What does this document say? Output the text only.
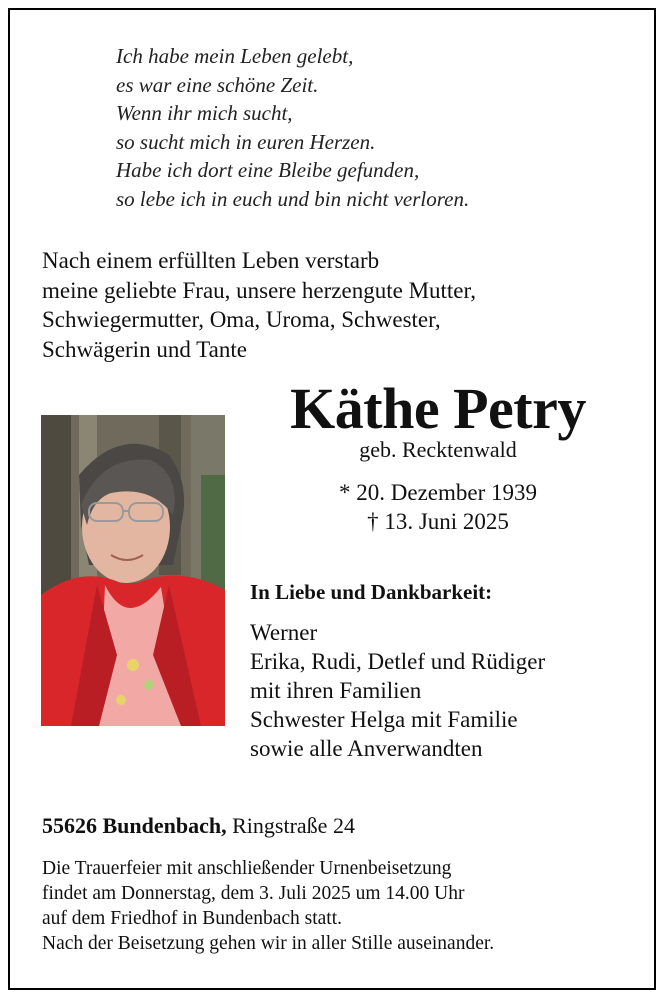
Ich habe mein Leben gelebt,
es war eine schöne Zeit.
Wenn ihr mich sucht,
so sucht mich in euren Herzen.
Habe ich dort eine Bleibe gefunden,
so lebe ich in euch und bin nicht verloren.
Nach einem erfüllten Leben verstarb
meine geliebte Frau, unsere herzengute Mutter,
Schwiegermutter, Oma, Uroma, Schwester,
Schwägerin und Tante
Käthe Petry
geb. Recktenwald
* 20. Dezember 1939
† 13. Juni 2025
In Liebe und Dankbarkeit:
Werner
Erika, Rudi, Detlef und Rüdiger
mit ihren Familien
Schwester Helga mit Familie
sowie alle Anverwandten
55626 Bundenbach, Ringstraße 24
Die Trauerfeier mit anschließender Urnenbeisetzung
findet am Donnerstag, dem 3. Juli 2025 um 14.00 Uhr
auf dem Friedhof in Bundenbach statt.
Nach der Beisetzung gehen wir in aller Stille auseinander.
